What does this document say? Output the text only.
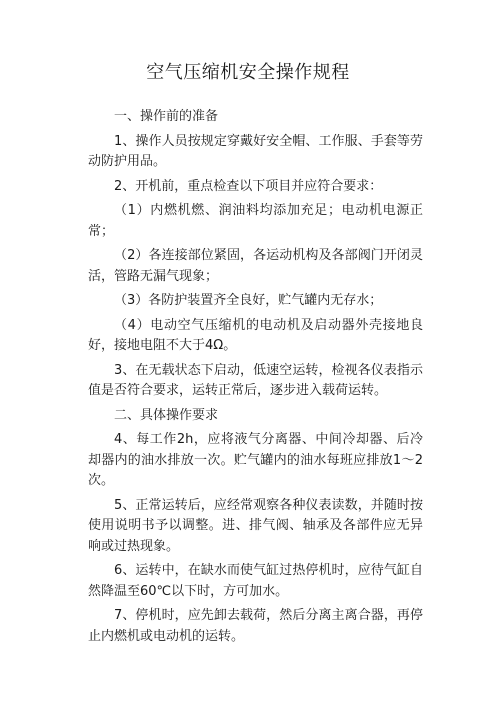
空气压缩机安全操作规程

一、操作前的准备

1、操作人员按规定穿戴好安全帽、工作服、手套等劳动防护用品。

2、开机前，重点检查以下项目并应符合要求：

（1）内燃机燃、润油料均添加充足；电动机电源正常；

（2）各连接部位紧固，各运动机构及各部阀门开闭灵活，管路无漏气现象；

（3）各防护装置齐全良好，贮气罐内无存水；

（4）电动空气压缩机的电动机及启动器外壳接地良好，接地电阻不大于4Ω。

3、在无载状态下启动，低速空运转，检视各仪表指示值是否符合要求，运转正常后，逐步进入载荷运转。

二、具体操作要求

4、每工作2h，应将液气分离器、中间冷却器、后冷却器内的油水排放一次。贮气罐内的油水每班应排放1～2次。

5、正常运转后，应经常观察各种仪表读数，并随时按使用说明书予以调整。进、排气阀、轴承及各部件应无异响或过热现象。

6、运转中，在缺水而使气缸过热停机时，应待气缸自然降温至60℃以下时，方可加水。

7、停机时，应先卸去载荷，然后分离主离合器，再停止内燃机或电动机的运转。
